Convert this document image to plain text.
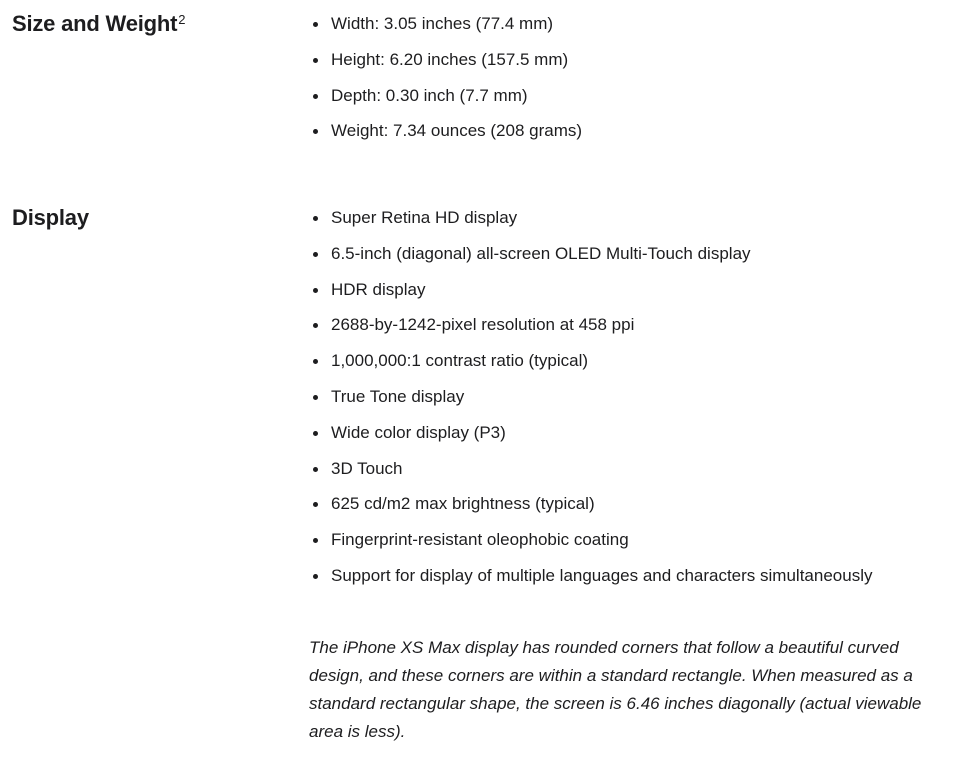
Size and Weight$^2$	Width: 3.05 inches (77.4 mm)
Height: 6.20 inches (157.5 mm)
Depth: 0.30 inch (7.7 mm)
Weight: 7.34 ounces (208 grams)
Display	Super Retina HD display
6.5-inch (diagonal) all-screen OLED Multi-Touch display
HDR display
2688-by-1242-pixel resolution at 458 ppi
1,000,000:1 contrast ratio (typical)
True Tone display
Wide color display (P3)
3D Touch
625 cd/m2 max brightness (typical)
Fingerprint-resistant oleophobic coating
Support for display of multiple languages and characters simultaneously

The iPhone XS Max display has rounded corners that follow a beautiful curved design, and these corners are within a standard rectangle. When measured as a standard rectangular shape, the screen is 6.46 inches diagonally (actual viewable area is less).
